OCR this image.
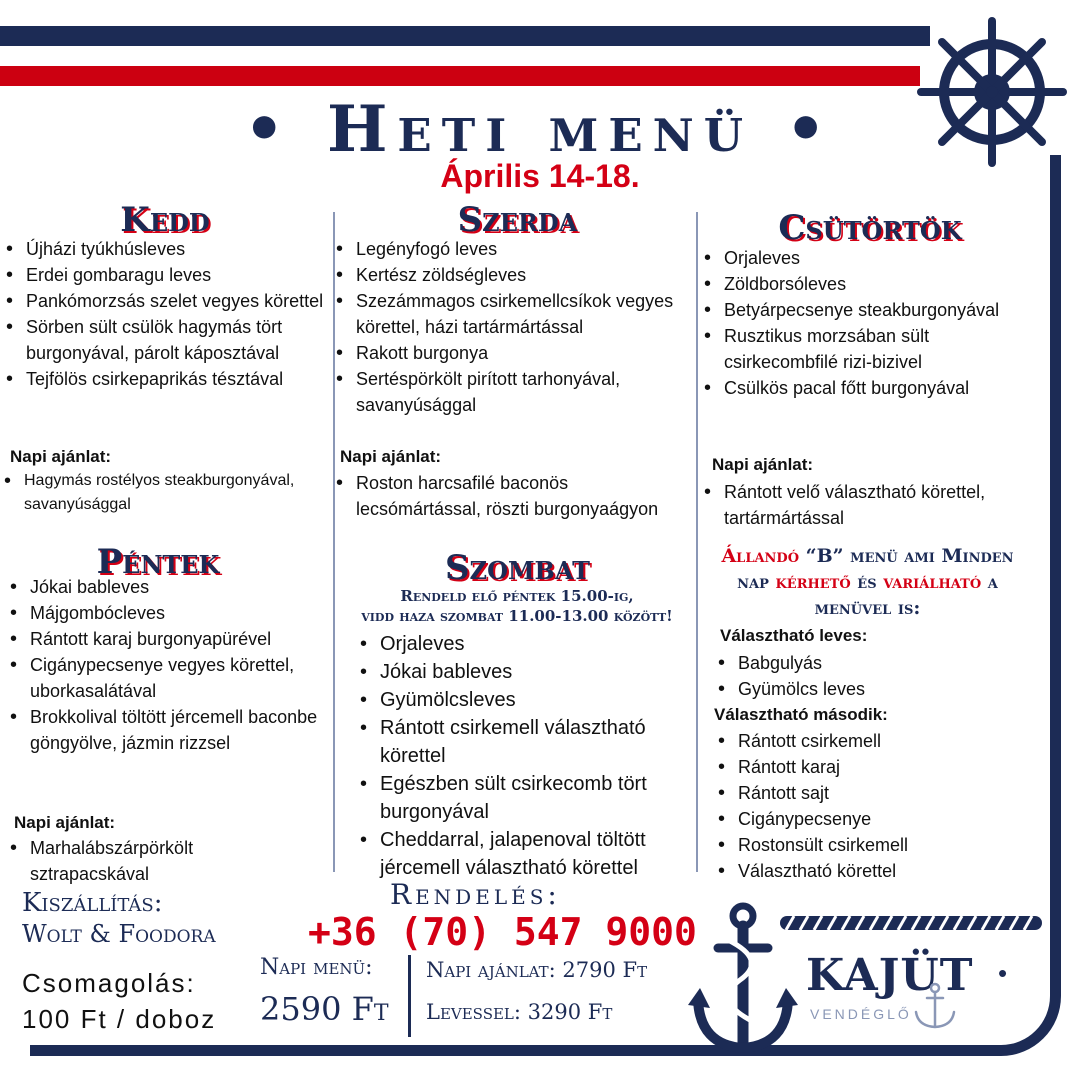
• Heti menü •
Április 14-18.
Kedd
• Újházi tyúkhúsleves
• Erdei gombaragu leves
• Pankómorzsás szelet vegyes körettel
• Sörben sült csülök hagymás tört burgonyával, párolt káposztával
• Tejfölös csirkepaprikás tésztával
Napi ajánlat:
• Hagymás rostélyos steakburgonyával, savanyúsággal
Szerda
• Legényfogó leves
• Kertész zöldségleves
• Szezámmagos csirkemellcsíkok vegyes körettel, házi tartármártással
• Rakott burgonya
• Sertéspörkölt pirított tarhonyával, savanyúsággal
Napi ajánlat:
• Roston harcsafilé baconös lecsómártással, röszti burgonyaágyon
Csütörtök
• Orjaleves
• Zöldborsóleves
• Betyárpecsenye steakburgonyával
• Rusztikus morzsában sült csirkecombfilé rizi-bizivel
• Csülkös pacal főtt burgonyával
Napi ajánlat:
• Rántott velő választható körettel, tartármártással
Péntek
• Jókai bableves
• Májgombócleves
• Rántott karaj burgonyapürével
• Cigánypecsenye vegyes körettel, uborkasalátával
• Brokkolival töltött jércemell baconbe göngyölve, jázmin rizzsel
Napi ajánlat:
• Marhalábszárpörkölt sztrapacskával
Szombat
Rendeld elő péntek 15.00-ig,
vidd haza szombat 11.00-13.00 között!
• Orjaleves
• Jókai bableves
• Gyümölcsleves
• Rántott csirkemell választható körettel
• Egészben sült csirkecomb tört burgonyával
• Cheddarral, jalapenoval töltött jércemell választható körettel
Állandó “B” menü ami Minden
nap kérhető és variálható a
menüvel is:
Választható leves:
• Babgulyás
• Gyümölcs leves
Választható második:
• Rántott csirkemell
• Rántott karaj
• Rántott sajt
• Cigánypecsenye
• Rostonsült csirkemell
• Választható körettel
Kiszállítás:
Wolt & Foodora
Csomagolás:
100 Ft / doboz
Rendelés:
+36 (70) 547 9000
Napi menü:
2590 Ft
Napi ajánlat: 2790 Ft
Levessel: 3290 Ft
KAJÜT
VENDÉGLŐ
•
